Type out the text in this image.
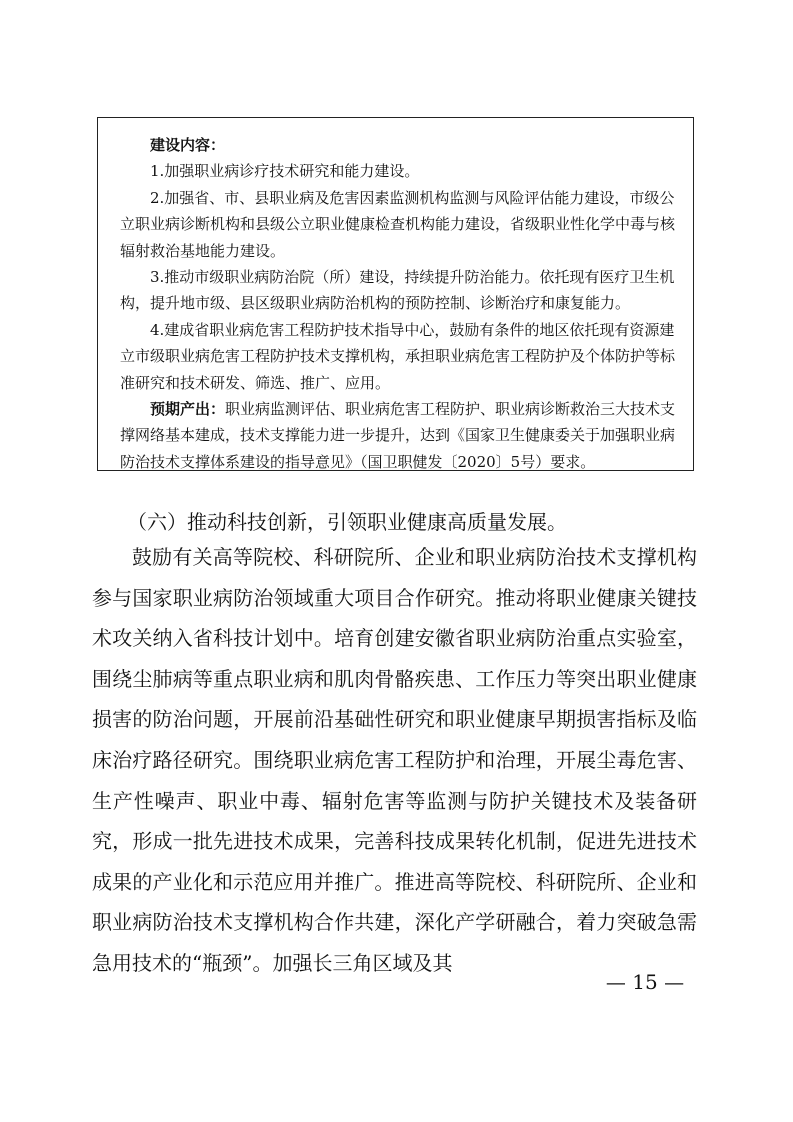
建设内容：

1.加强职业病诊疗技术研究和能力建设。

2.加强省、市、县职业病及危害因素监测机构监测与风险评估能力建设，市级公立职业病诊断机构和县级公立职业健康检查机构能力建设，省级职业性化学中毒与核辐射救治基地能力建设。

3.推动市级职业病防治院（所）建设，持续提升防治能力。依托现有医疗卫生机构，提升地市级、县区级职业病防治机构的预防控制、诊断治疗和康复能力。

4.建成省职业病危害工程防护技术指导中心，鼓励有条件的地区依托现有资源建立市级职业病危害工程防护技术支撑机构，承担职业病危害工程防护及个体防护等标准研究和技术研发、筛选、推广、应用。

预期产出：职业病监测评估、职业病危害工程防护、职业病诊断救治三大技术支撑网络基本建成，技术支撑能力进一步提升，达到《国家卫生健康委关于加强职业病防治技术支撑体系建设的指导意见》（国卫职健发〔2020〕5号）要求。

（六）推动科技创新，引领职业健康高质量发展。

鼓励有关高等院校、科研院所、企业和职业病防治技术支撑机构参与国家职业病防治领域重大项目合作研究。推动将职业健康关键技术攻关纳入省科技计划中。培育创建安徽省职业病防治重点实验室，围绕尘肺病等重点职业病和肌肉骨骼疾患、工作压力等突出职业健康损害的防治问题，开展前沿基础性研究和职业健康早期损害指标及临床治疗路径研究。围绕职业病危害工程防护和治理，开展尘毒危害、生产性噪声、职业中毒、辐射危害等监测与防护关键技术及装备研究，形成一批先进技术成果，完善科技成果转化机制，促进先进技术成果的产业化和示范应用并推广。推进高等院校、科研院所、企业和职业病防治技术支撑机构合作共建，深化产学研融合，着力突破急需急用技术的“瓶颈”。加强长三角区域及其

— 15 —
